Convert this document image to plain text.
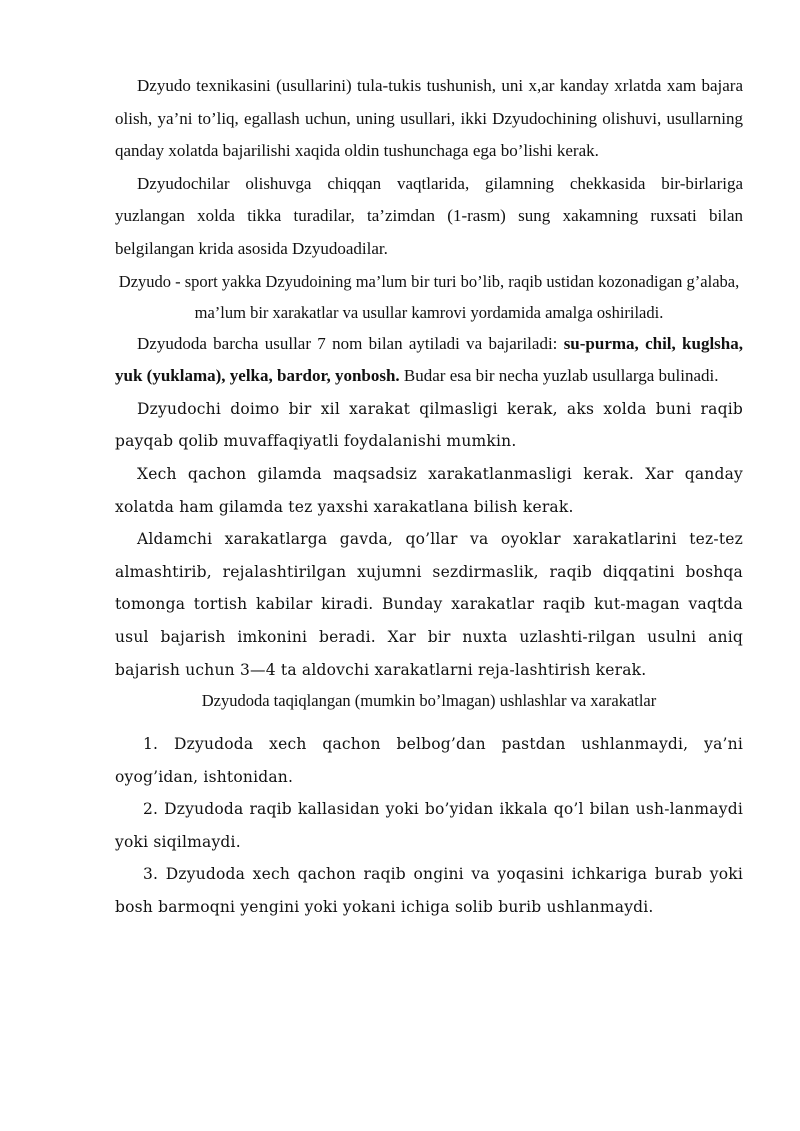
Dzyudo texnikasini (usullarini) tula-tukis tushunish, uni x,ar kanday xrlatda xam bajara olish, ya’ni to’liq, egallash uchun, uning usullari, ikki Dzyudochining olishuvi, usullarning qanday xolatda bajarilishi xaqida oldin tushunchaga ega bo’lishi kerak.

Dzyudochilar olishuvga chiqqan vaqtlarida, gilamning chekkasida bir-birlariga yuzlangan xolda tikka turadilar, ta’zimdan (1-rasm) sung xakamning ruxsati bilan belgilangan krida asosida Dzyudoadilar.

Dzyudo - sport yakka Dzyudoining ma’lum bir turi bo’lib, raqib ustidan kozonadigan g’alaba, ma’lum bir xarakatlar va usullar kamrovi yordamida amalga oshiriladi.

Dzyudoda barcha usullar 7 nom bilan aytiladi va bajariladi: su-purma, chil, kuglsha, yuk (yuklama), yelka, bardor, yonbosh. Budar esa bir necha yuzlab usullarga bulinadi.

Dzyudochi doimo bir xil xarakat qilmasligi kerak, aks xolda buni raqib payqab qolib muvaffaqiyatli foydalanishi mumkin.

Xech qachon gilamda maqsadsiz xarakatlanmasligi kerak. Xar qanday xolatda ham gilamda tez yaxshi xarakatlana bilish kerak.

Aldamchi xarakatlarga gavda, qo’llar va oyoklar xarakatlarini tez-tez almashtirib, rejalashtirilgan xujumni sezdirmaslik, raqib diqqatini boshqa tomonga tortish kabilar kiradi. Bunday xarakatlar raqib kut-magan vaqtda usul bajarish imkonini beradi. Xar bir nuxta uzlashti-rilgan usulni aniq bajarish uchun 3—4 ta aldovchi xarakatlarni reja-lashtirish kerak.

Dzyudoda taqiqlangan (mumkin bo’lmagan) ushlashlar va xarakatlar

1. Dzyudoda xech qachon belbog’dan pastdan ushlanmaydi, ya’ni oyog’idan, ishtonidan.

2. Dzyudoda raqib kallasidan yoki bo’yidan ikkala qo’l bilan ush-lanmaydi yoki siqilmaydi.

3. Dzyudoda xech qachon raqib ongini va yoqasini ichkariga burab yoki bosh barmoqni yengini yoki yokani ichiga solib burib ushlanmaydi.
